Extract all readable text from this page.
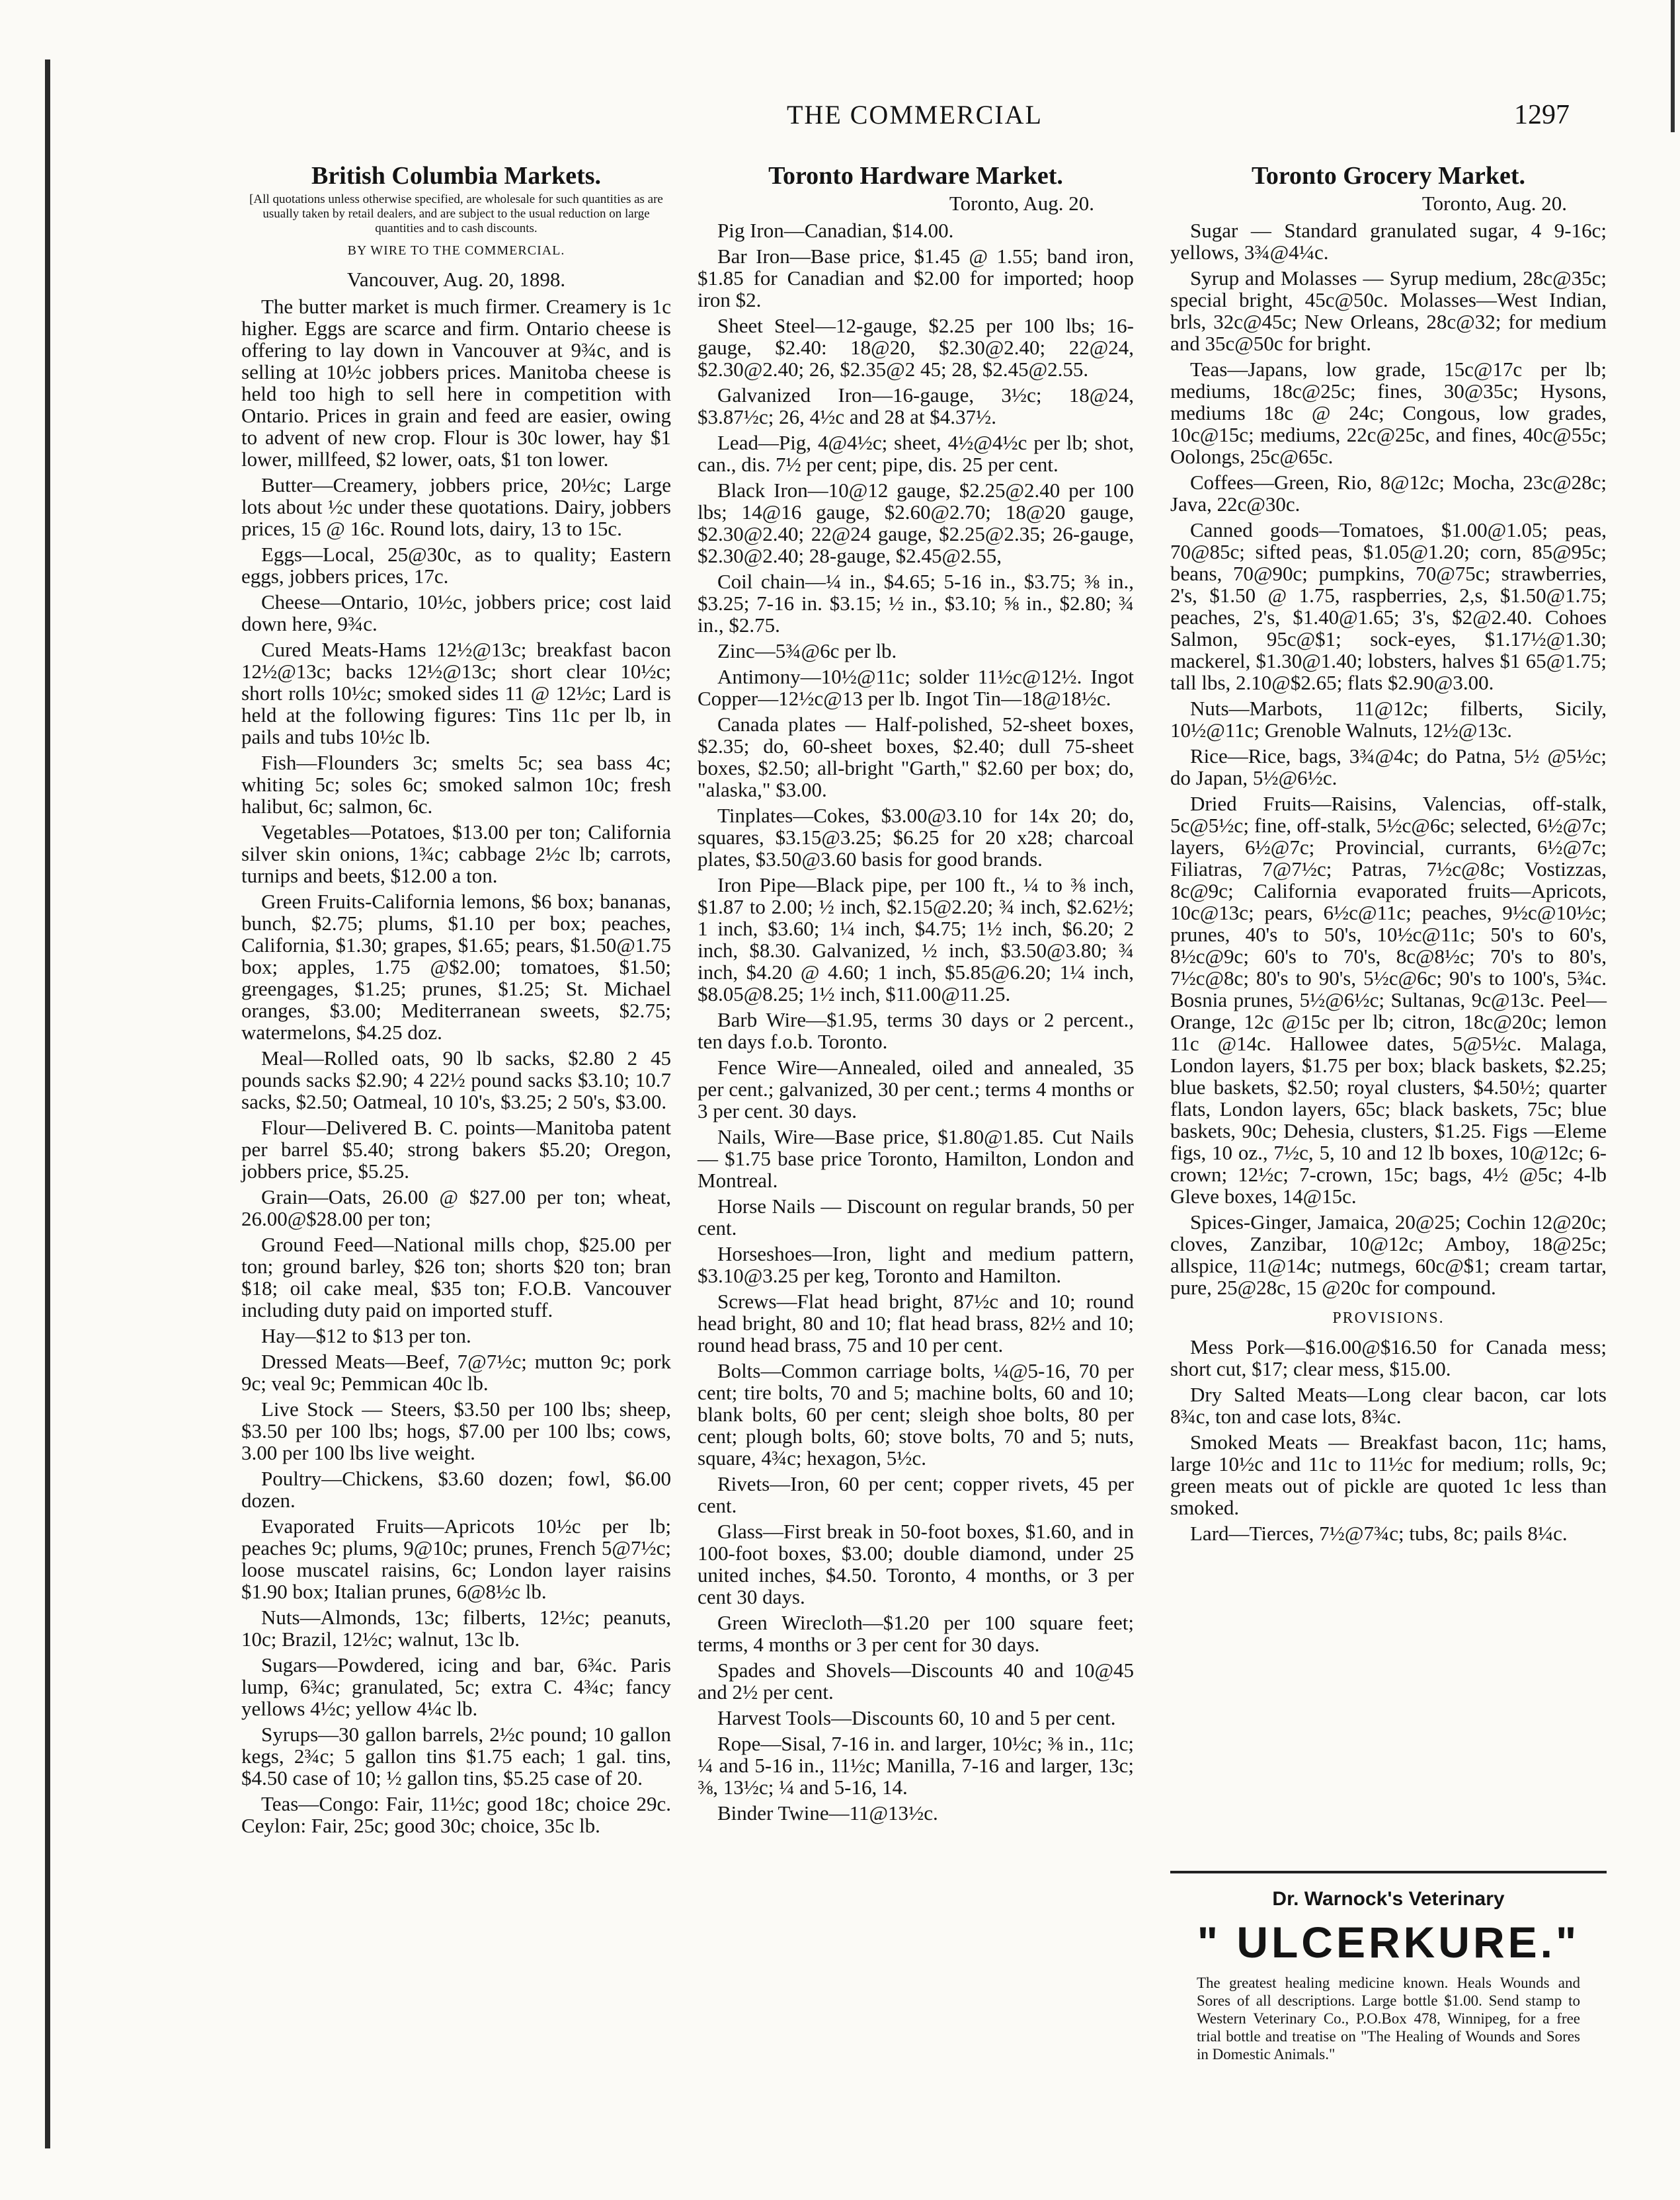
THE COMMERCIAL	1297
British Columbia Markets.
[All quotations unless otherwise specified, are wholesale for such quantities as are usually taken by retail dealers, and are subject to the usual reduction on large quantities and to cash discounts.
BY WIRE TO THE COMMERCIAL.
Vancouver, Aug. 20, 1898.

The butter market is much firmer. Creamery is 1c higher. Eggs are scarce and firm. Ontario cheese is offering to lay down in Vancouver at 9¾c, and is selling at 10½c jobbers prices. Manitoba cheese is held too high to sell here in competition with Ontario. Prices in grain and feed are easier, owing to advent of new crop. Flour is 30c lower, hay $1 lower, millfeed, $2 lower, oats, $1 ton lower.

Butter—Creamery, jobbers price, 20½c; Large lots about ½c under these quotations. Dairy, jobbers prices, 15 @ 16c. Round lots, dairy, 13 to 15c.

Eggs—Local, 25@30c, as to quality; Eastern eggs, jobbers prices, 17c.

Cheese—Ontario, 10½c, jobbers price; cost laid down here, 9¾c.

Cured Meats-Hams 12½@13c; breakfast bacon 12½@13c; backs 12½@13c; short clear 10½c; short rolls 10½c; smoked sides 11 @ 12½c; Lard is held at the following figures: Tins 11c per lb, in pails and tubs 10½c lb.

Fish—Flounders 3c; smelts 5c; sea bass 4c; whiting 5c; soles 6c; smoked salmon 10c; fresh halibut, 6c; salmon, 6c.

Vegetables—Potatoes, $13.00 per ton; California silver skin onions, 1¾c; cabbage 2½c lb; carrots, turnips and beets, $12.00 a ton.

Green Fruits-California lemons, $6 box; bananas, bunch, $2.75; plums, $1.10 per box; peaches, California, $1.30; grapes, $1.65; pears, $1.50@1.75 box; apples, 1.75 @$2.00; tomatoes, $1.50; greengages, $1.25; prunes, $1.25; St. Michael oranges, $3.00; Mediterranean sweets, $2.75; watermelons, $4.25 doz.

Meal—Rolled oats, 90 lb sacks, $2.80 2 45 pounds sacks $2.90; 4 22½ pound sacks $3.10; 10.7 sacks, $2.50; Oatmeal, 10 10's, $3.25; 2 50's, $3.00.

Flour—Delivered B. C. points—Manitoba patent per barrel $5.40; strong bakers $5.20; Oregon, jobbers price, $5.25.

Grain—Oats, 26.00 @ $27.00 per ton; wheat, 26.00@$28.00 per ton;

Ground Feed—National mills chop, $25.00 per ton; ground barley, $26 ton; shorts $20 ton; bran $18; oil cake meal, $35 ton; F.O.B. Vancouver including duty paid on imported stuff.

Hay—$12 to $13 per ton.

Dressed Meats—Beef, 7@7½c; mutton 9c; pork 9c; veal 9c; Pemmican 40c lb.

Live Stock — Steers, $3.50 per 100 lbs; sheep, $3.50 per 100 lbs; hogs, $7.00 per 100 lbs; cows, 3.00 per 100 lbs live weight.

Poultry—Chickens, $3.60 dozen; fowl, $6.00 dozen.

Evaporated Fruits—Apricots 10½c per lb; peaches 9c; plums, 9@10c; prunes, French 5@7½c; loose muscatel raisins, 6c; London layer raisins $1.90 box; Italian prunes, 6@8½c lb.

Nuts—Almonds, 13c; filberts, 12½c; peanuts, 10c; Brazil, 12½c; walnut, 13c lb.

Sugars—Powdered, icing and bar, 6¾c. Paris lump, 6¾c; granulated, 5c; extra C. 4¾c; fancy yellows 4½c; yellow 4¼c lb.

Syrups—30 gallon barrels, 2½c pound; 10 gallon kegs, 2¾c; 5 gallon tins $1.75 each; 1 gal. tins, $4.50 case of 10; ½ gallon tins, $5.25 case of 20.

Teas—Congo: Fair, 11½c; good 18c; choice 29c. Ceylon: Fair, 25c; good 30c; choice, 35c lb.

Toronto Hardware Market.
Toronto, Aug. 20.

Pig Iron—Canadian, $14.00.

Bar Iron—Base price, $1.45 @ 1.55; band iron, $1.85 for Canadian and $2.00 for imported; hoop iron $2.

Sheet Steel—12-gauge, $2.25 per 100 lbs; 16-gauge, $2.40: 18@20, $2.30@2.40; 22@24, $2.30@2.40; 26, $2.35@2 45; 28, $2.45@2.55.

Galvanized Iron—16-gauge, 3½c; 18@24, $3.87½c; 26, 4½c and 28 at $4.37½.

Lead—Pig, 4@4½c; sheet, 4½@4½c per lb; shot, can., dis. 7½ per cent; pipe, dis. 25 per cent.

Black Iron—10@12 gauge, $2.25@2.40 per 100 lbs; 14@16 gauge, $2.60@2.70; 18@20 gauge, $2.30@2.40; 22@24 gauge, $2.25@2.35; 26-gauge, $2.30@2.40; 28-gauge, $2.45@2.55,

Coil chain—¼ in., $4.65; 5-16 in., $3.75; ⅜ in., $3.25; 7-16 in. $3.15; ½ in., $3.10; ⅝ in., $2.80; ¾ in., $2.75.

Zinc—5¾@6c per lb.

Antimony—10½@11c; solder 11½c@12½. Ingot Copper—12½c@13 per lb. Ingot Tin—18@18½c.

Canada plates — Half-polished, 52-sheet boxes, $2.35; do, 60-sheet boxes, $2.40; dull 75-sheet boxes, $2.50; all-bright "Garth," $2.60 per box; do, "alaska," $3.00.

Tinplates—Cokes, $3.00@3.10 for 14x 20; do, squares, $3.15@3.25; $6.25 for 20 x28; charcoal plates, $3.50@3.60 basis for good brands.

Iron Pipe—Black pipe, per 100 ft., ¼ to ⅜ inch, $1.87 to 2.00; ½ inch, $2.15@2.20; ¾ inch, $2.62½; 1 inch, $3.60; 1¼ inch, $4.75; 1½ inch, $6.20; 2 inch, $8.30. Galvanized, ½ inch, $3.50@3.80; ¾ inch, $4.20 @ 4.60; 1 inch, $5.85@6.20; 1¼ inch, $8.05@8.25; 1½ inch, $11.00@11.25.

Barb Wire—$1.95, terms 30 days or 2 percent., ten days f.o.b. Toronto.

Fence Wire—Annealed, oiled and annealed, 35 per cent.; galvanized, 30 per cent.; terms 4 months or 3 per cent. 30 days.

Nails, Wire—Base price, $1.80@1.85. Cut Nails — $1.75 base price Toronto, Hamilton, London and Montreal.

Horse Nails — Discount on regular brands, 50 per cent.

Horseshoes—Iron, light and medium pattern, $3.10@3.25 per keg, Toronto and Hamilton.

Screws—Flat head bright, 87½c and 10; round head bright, 80 and 10; flat head brass, 82½ and 10; round head brass, 75 and 10 per cent.

Bolts—Common carriage bolts, ¼@5-16, 70 per cent; tire bolts, 70 and 5; machine bolts, 60 and 10; blank bolts, 60 per cent; sleigh shoe bolts, 80 per cent; plough bolts, 60; stove bolts, 70 and 5; nuts, square, 4¾c; hexagon, 5½c.

Rivets—Iron, 60 per cent; copper rivets, 45 per cent.

Glass—First break in 50-foot boxes, $1.60, and in 100-foot boxes, $3.00; double diamond, under 25 united inches, $4.50. Toronto, 4 months, or 3 per cent 30 days.

Green Wirecloth—$1.20 per 100 square feet; terms, 4 months or 3 per cent for 30 days.

Spades and Shovels—Discounts 40 and 10@45 and 2½ per cent.

Harvest Tools—Discounts 60, 10 and 5 per cent.

Rope—Sisal, 7-16 in. and larger, 10½c; ⅜ in., 11c; ¼ and 5-16 in., 11½c; Manilla, 7-16 and larger, 13c; ⅜, 13½c; ¼ and 5-16, 14.

Binder Twine—11@13½c.

Toronto Grocery Market.
Toronto, Aug. 20.

Sugar — Standard granulated sugar, 4 9-16c; yellows, 3¾@4¼c.

Syrup and Molasses — Syrup medium, 28c@35c; special bright, 45c@50c. Molasses—West Indian, brls, 32c@45c; New Orleans, 28c@32; for medium and 35c@50c for bright.

Teas—Japans, low grade, 15c@17c per lb; mediums, 18c@25c; fines, 30@35c; Hysons, mediums 18c @ 24c; Congous, low grades, 10c@15c; mediums, 22c@25c, and fines, 40c@55c; Oolongs, 25c@65c.

Coffees—Green, Rio, 8@12c; Mocha, 23c@28c; Java, 22c@30c.

Canned goods—Tomatoes, $1.00@1.05; peas, 70@85c; sifted peas, $1.05@1.20; corn, 85@95c; beans, 70@90c; pumpkins, 70@75c; strawberries, 2's, $1.50 @ 1.75, raspberries, 2,s, $1.50@1.75; peaches, 2's, $1.40@1.65; 3's, $2@2.40. Cohoes Salmon, 95c@$1; sock-eyes, $1.17½@1.30; mackerel, $1.30@1.40; lobsters, halves $1 65@1.75; tall lbs, 2.10@$2.65; flats $2.90@3.00.

Nuts—Marbots, 11@12c; filberts, Sicily, 10½@11c; Grenoble Walnuts, 12½@13c.

Rice—Rice, bags, 3¾@4c; do Patna, 5½ @5½c; do Japan, 5½@6½c.

Dried Fruits—Raisins, Valencias, off-stalk, 5c@5½c; fine, off-stalk, 5½c@6c; selected, 6½@7c; layers, 6½@7c; Provincial, currants, 6½@7c; Filiatras, 7@7½c; Patras, 7½c@8c; Vostizzas, 8c@9c; California evaporated fruits—Apricots, 10c@13c; pears, 6½c@11c; peaches, 9½c@10½c; prunes, 40's to 50's, 10½c@11c; 50's to 60's, 8½c@9c; 60's to 70's, 8c@8½c; 70's to 80's, 7½c@8c; 80's to 90's, 5½c@6c; 90's to 100's, 5¾c. Bosnia prunes, 5½@6½c; Sultanas, 9c@13c. Peel—Orange, 12c @15c per lb; citron, 18c@20c; lemon 11c @14c. Hallowee dates, 5@5½c. Malaga, London layers, $1.75 per box; black baskets, $2.25; blue baskets, $2.50; royal clusters, $4.50½; quarter flats, London layers, 65c; black baskets, 75c; blue baskets, 90c; Dehesia, clusters, $1.25. Figs —Eleme figs, 10 oz., 7½c, 5, 10 and 12 lb boxes, 10@12c; 6-crown; 12½c; 7-crown, 15c; bags, 4½ @5c; 4-lb Gleve boxes, 14@15c.

Spices-Ginger, Jamaica, 20@25; Cochin 12@20c; cloves, Zanzibar, 10@12c; Amboy, 18@25c; allspice, 11@14c; nutmegs, 60c@$1; cream tartar, pure, 25@28c, 15 @20c for compound.

PROVISIONS.

Mess Pork—$16.00@$16.50 for Canada mess; short cut, $17; clear mess, $15.00.

Dry Salted Meats—Long clear bacon, car lots 8¾c, ton and case lots, 8¾c.

Smoked Meats — Breakfast bacon, 11c; hams, large 10½c and 11c to 11½c for medium; rolls, 9c; green meats out of pickle are quoted 1c less than smoked.

Lard—Tierces, 7½@7¾c; tubs, 8c; pails 8¼c.

Dr. Warnock's Veterinary
" ULCERKURE."
The greatest healing medicine known. Heals Wounds and Sores of all descriptions. Large bottle $1.00. Send stamp to Western Veterinary Co., P.O.Box 478, Winnipeg, for a free trial bottle and treatise on "The Healing of Wounds and Sores in Domestic Animals."
